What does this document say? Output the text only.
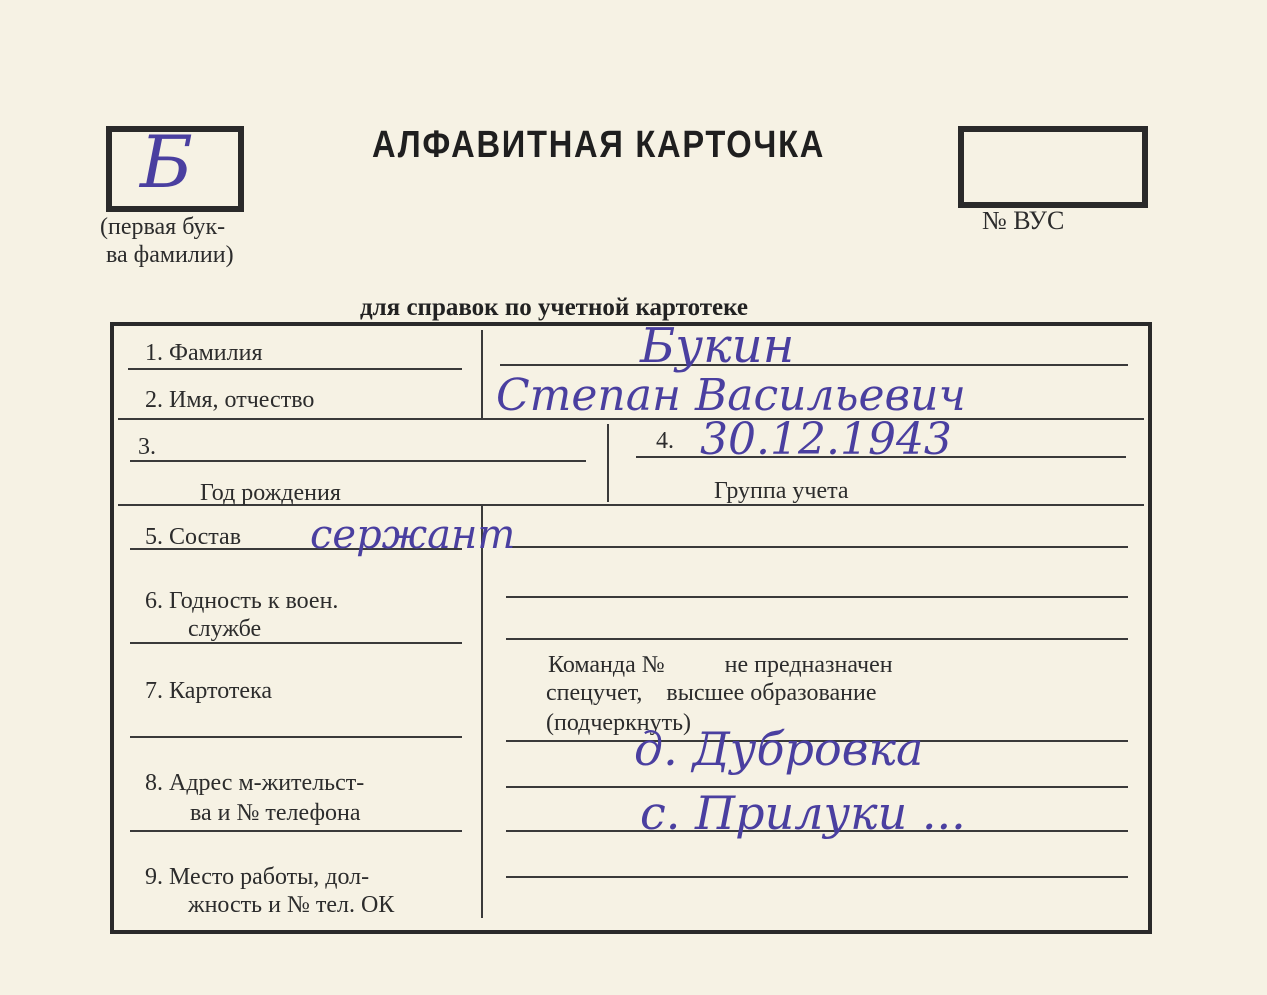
Б
(первая бук-
ва фамилии)
АЛФАВИТНАЯ КАРТОЧКА
№ ВУС
для справок по учетной картотеке
1. Фамилия
2. Имя, отчество
3.
Год рождения
4.
Группа учета
5. Состав
6. Годность к воен.
службе
7. Картотека
Команда №          не предназначен
спецучет,    высшее образование
(подчеркнуть)
8. Адрес м-жительст-
ва и № телефона
9. Место работы, дол-
жность и № тел. ОК
Букин
Степан Васильевич
30.12.1943
сержант
д. Дубровка
с. Прилуки ...
